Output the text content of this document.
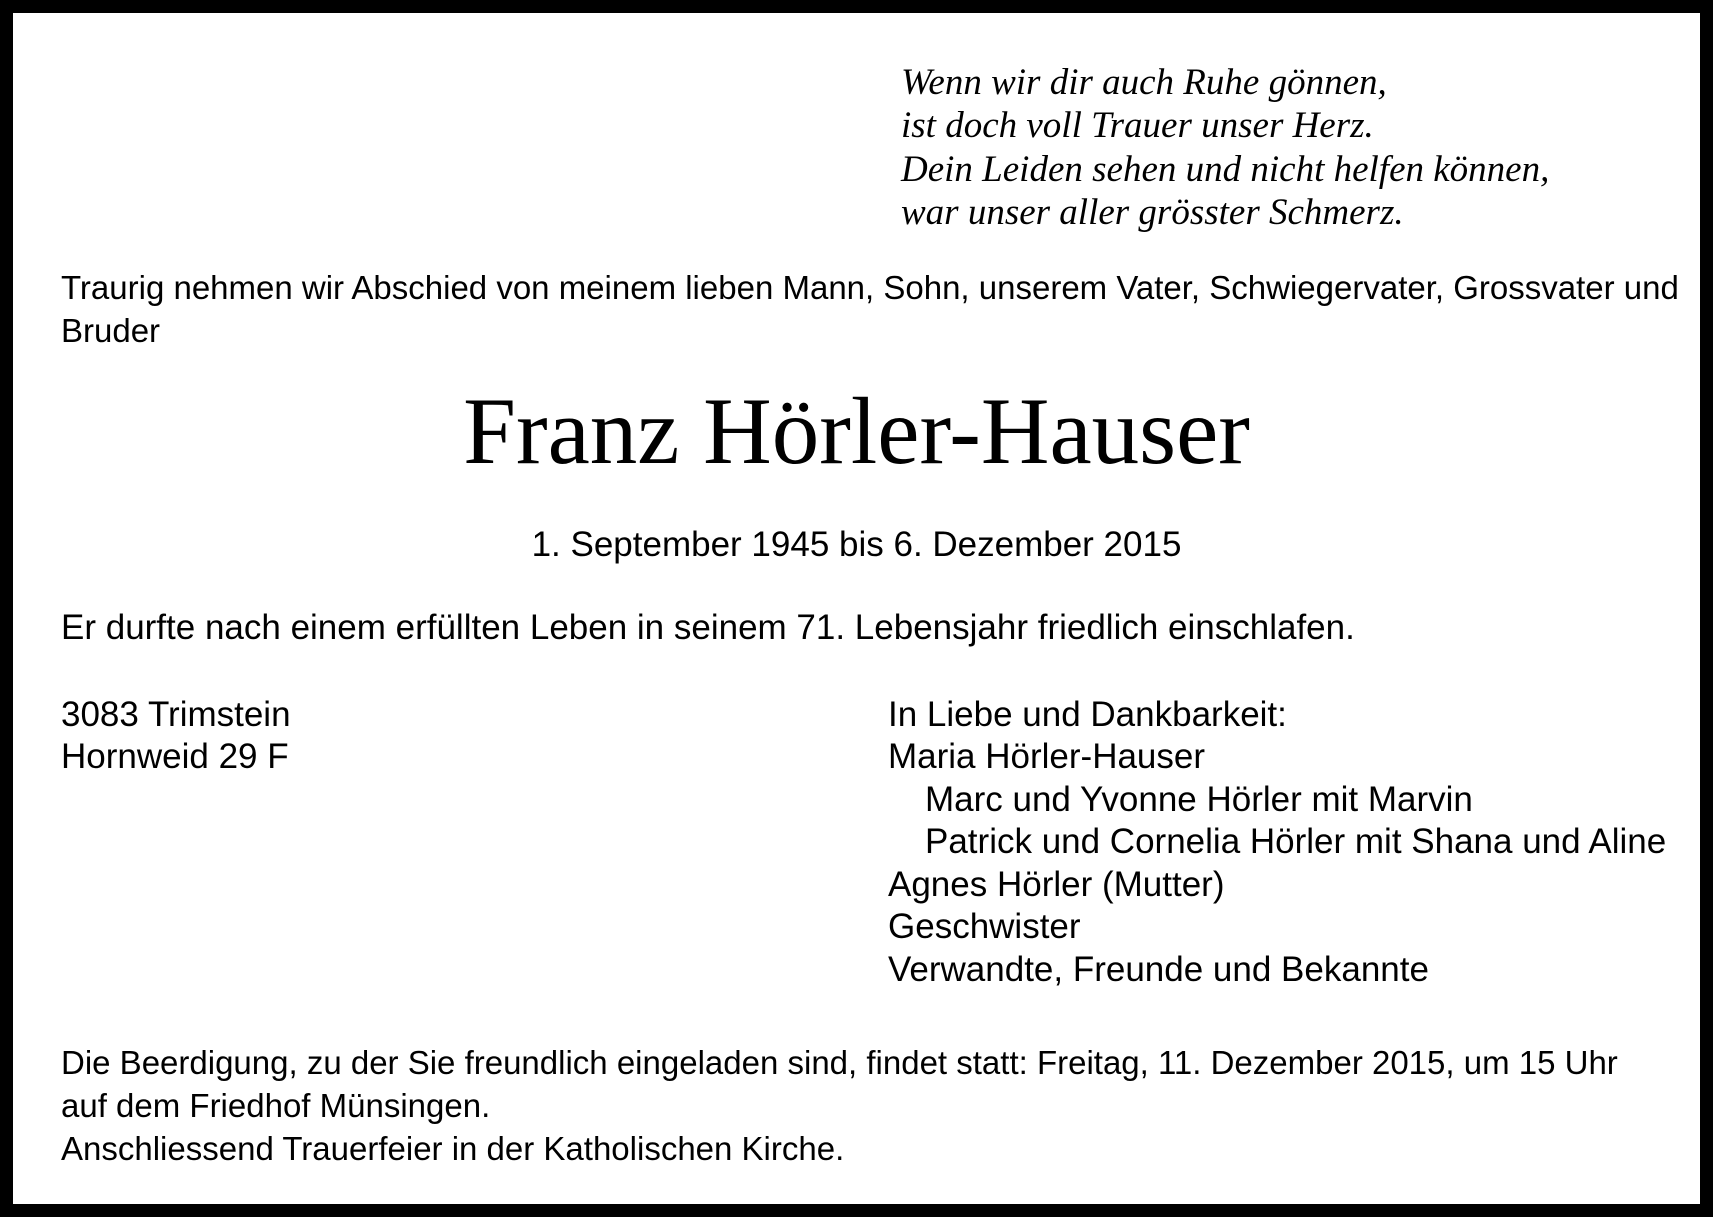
Wenn wir dir auch Ruhe gönnen,

ist doch voll Trauer unser Herz.

Dein Leiden sehen und nicht helfen können,

war unser aller grösster Schmerz.

Traurig nehmen wir Abschied von meinem lieben Mann, Sohn, unserem Vater, Schwiegervater, Grossvater und

Bruder

Franz Hörler-Hauser

1. September 1945 bis 6. Dezember 2015

Er durfte nach einem erfüllten Leben in seinem 71. Lebensjahr friedlich einschlafen.

3083 Trimstein

Hornweid 29 F

In Liebe und Dankbarkeit:

Maria Hörler-Hauser

Marc und Yvonne Hörler mit Marvin

Patrick und Cornelia Hörler mit Shana und Aline

Agnes Hörler (Mutter)

Geschwister

Verwandte, Freunde und Bekannte

Die Beerdigung, zu der Sie freundlich eingeladen sind, findet statt: Freitag, 11. Dezember 2015, um 15 Uhr

auf dem Friedhof Münsingen.

Anschliessend Trauerfeier in der Katholischen Kirche.
